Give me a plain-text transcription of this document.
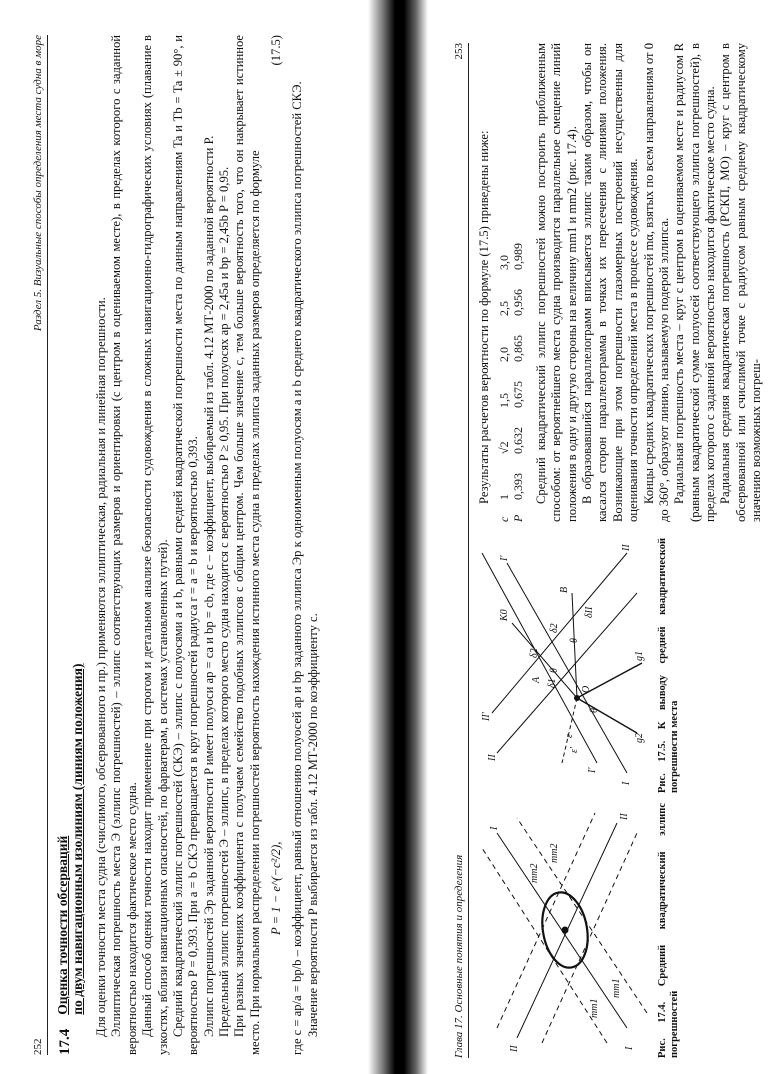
252
Раздел 5. Визуальные способы определения места судна в море
17.4
Оценка точности обсерваций по двум навигационным изолиниям (линиям положения) Для оценки точности места судна (счислимого, обсервованного и пр.) применяются эллиптическая, радиальная и линейная погрешности. Эллиптическая погрешность места Э (эллипс погрешностей) – эллипс соответствующих размеров и ориентировки (с центром в оцениваемом месте), в пределах которого с заданной вероятностью находится фактическое место судна. Данный способ оценки точности находит применение при строгом и детальном анализе безопасности судовождения в сложных навигационно-гидрографических условиях (плавание в узкостях, вблизи навигационных опасностей, по фарватерам, в системах установленных путей). Средний квадратический эллипс погрешностей (СКЭ) – эллипс с полуосями a и b, равными средней квадратической погрешности места по данным направлениям Ta и Tb = Ta ± 90°, и вероятностью P = 0,393. При a = b СКЭ превращается в круг погрешностей радиуса r = a = b и вероятностью 0,393. Эллипс погрешностей Эp заданной вероятности P имеет полуоси ap = ca и bp = cb, где c – коэффициент, выбираемый из табл. 4.12 МТ-2000 по заданной вероятности P. Предельный эллипс погрешностей Э – эллипс, в пределах которого место судна находится с вероятностью P ≥ 0,95. При полуосях ap = 2,45a и bp = 2,45b P = 0,95. При разных значениях коэффициента c получаем семейство подобных эллипсов с общим центром. Чем больше значение c, тем больше вероятность того, что он накрывает истинное место. При нормальном распределении погрешностей вероятность нахождения истинного места судна в пределах эллипса заданных размеров определяется по формуле P = 1 − e^(−c²/2),
(17.5)

где c = ap/a = bp/b – коэффициент, равный отношению полуосей ap и bp заданного эллипса Эp к одноименным полуосям a и b среднего квадратического эллипса погрешностей СКЭ. Значение вероятности P выбирается из табл. 4.12 МТ-2000 по коэффициенту c.	Глава 17. Основные понятия и определения
253
I
I
II
II
mm1
mm1
mm2
mm2
Рис. 17.4. Средний квадратический эллипс погрешностей
I
I'
I'
II
II'
II
A
B
K0
O
θ
θ
θ
δ1
δ2
δ2
δII
ε
ε'
g1
g2
Рис. 17.5. К выводу средней квадратической погрешности места

Результаты расчетов вероятности по формуле (17.5) приведены ниже:

c
1
√2
1,5
2,0
2,5
3,0
P
0,393
0,632
0,675
0,865
0,956
0,989 Средний квадратический эллипс погрешностей можно построить приближенным способом: от вероятнейшего места судна производится параллельное смещение линий положения в одну и другую стороны на величину mm1 и mm2 (рис. 17.4). В образовавшийся параллелограмм вписывается эллипс таким образом, чтобы он касался сторон параллелограмма в точках их пересечения с линиями положения. Возникающие при этом погрешности глазомерных построений несущественны для оценивания точности определений места в процессе судовождения. Концы средних квадратических погрешностей mα, взятых по всем направлениям от 0 до 360°, образуют линию, называемую подерой эллипса. Радиальная погрешность места – круг с центром в оцениваемом месте и радиусом R (равным квадратической сумме полуосей соответствующего эллипса погрешностей), в пределах которого с заданной вероятностью находится фактическое место судна. Радиальная средняя квадратическая погрешность (РСКП, MO) – круг с центром в обсервованной или счислимой точке с радиусом равным среднему квадратическому значению возможных погреш-
